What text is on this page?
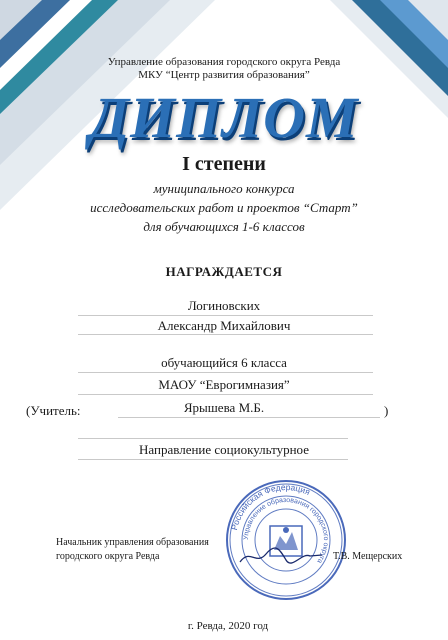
Управление образования городского округа Ревда
МКУ “Центр развития образования”
ДИПЛОМ
I степени
муниципального конкурса
исследовательских работ и проектов “Старт”
для обучающихся 1-6 классов
НАГРАЖДАЕТСЯ
Логиновских
Александр Михайлович
обучающийся 6 класса
МАОУ “Еврогимназия”
(Учитель:	Ярышева М.Б.	)
Направление социокультурное
Российская Федерация
Управление образования городского округа
Начальник управления образования
городского округа Ревда	Т.В. Мещерских
г. Ревда, 2020 год
